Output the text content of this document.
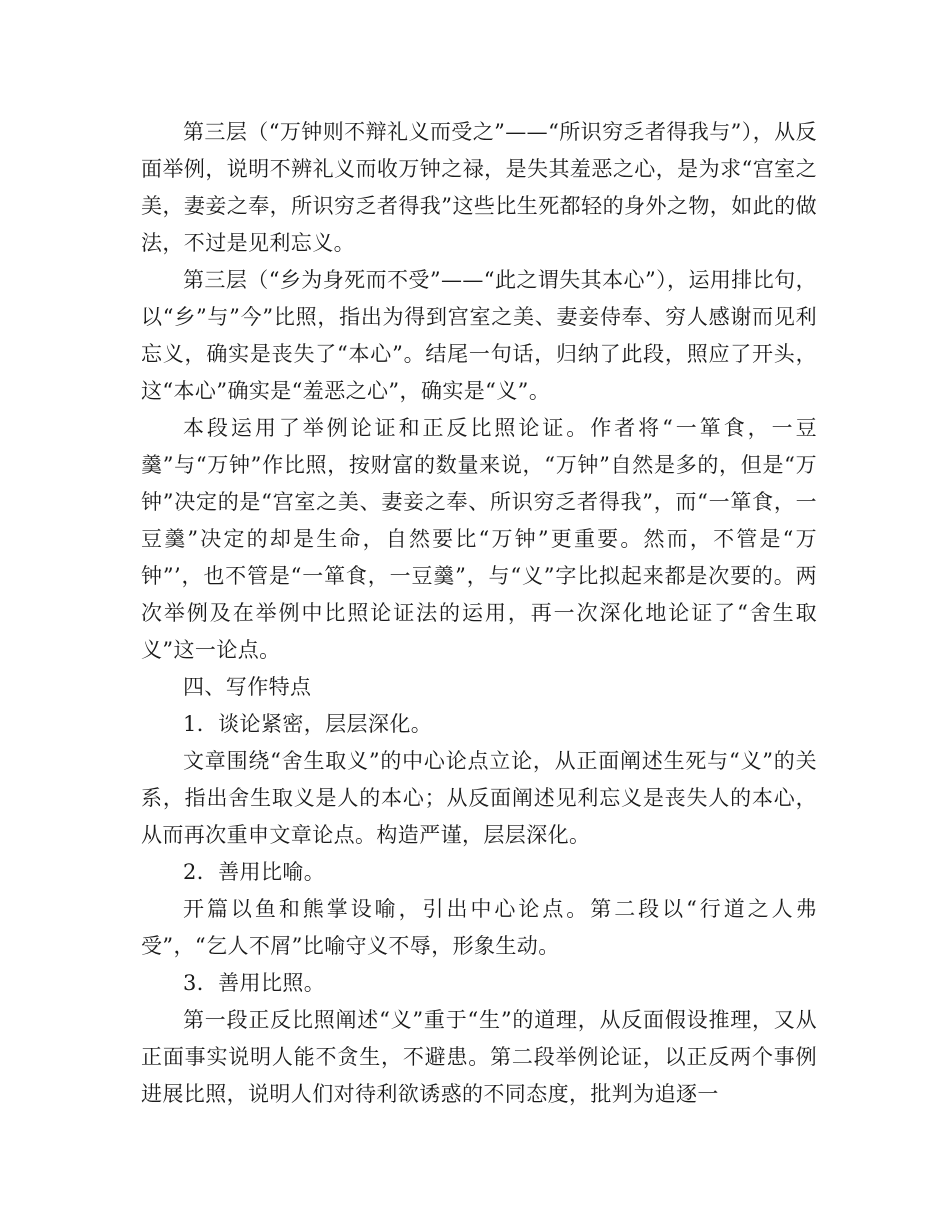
第三层（“万钟则不辩礼义而受之”——“所识穷乏者得我与”），从反面举例，说明不辨礼义而收万钟之禄，是失其羞恶之心，是为求“宫室之美，妻妾之奉，所识穷乏者得我”这些比生死都轻的身外之物，如此的做法，不过是见利忘义。

第三层（“乡为身死而不受”——“此之谓失其本心”），运用排比句，以“乡”与”今”比照，指出为得到宫室之美、妻妾侍奉、穷人感谢而见利忘义，确实是丧失了“本心”。结尾一句话，归纳了此段，照应了开头，这“本心”确实是“羞恶之心”，确实是“义”。

本段运用了举例论证和正反比照论证。作者将“一箪食，一豆羹”与“万钟”作比照，按财富的数量来说，“万钟”自然是多的，但是“万钟”决定的是“宫室之美、妻妾之奉、所识穷乏者得我”，而“一箪食，一豆羹”决定的却是生命，自然要比“万钟”更重要。然而，不管是“万钟”’，也不管是“一箪食，一豆羹”，与“义”字比拟起来都是次要的。两次举例及在举例中比照论证法的运用，再一次深化地论证了“舍生取义”这一论点。

四、写作特点

1．谈论紧密，层层深化。

文章围绕“舍生取义”的中心论点立论，从正面阐述生死与“义”的关系，指出舍生取义是人的本心；从反面阐述见利忘义是丧失人的本心，从而再次重申文章论点。构造严谨，层层深化。

2．善用比喻。

开篇以鱼和熊掌设喻，引出中心论点。第二段以“行道之人弗受”，“乞人不屑”比喻守义不辱，形象生动。

3．善用比照。

第一段正反比照阐述“义”重于“生”的道理，从反面假设推理，又从正面事实说明人能不贪生，不避患。第二段举例论证，以正反两个事例进展比照，说明人们对待利欲诱惑的不同态度，批判为追逐一
